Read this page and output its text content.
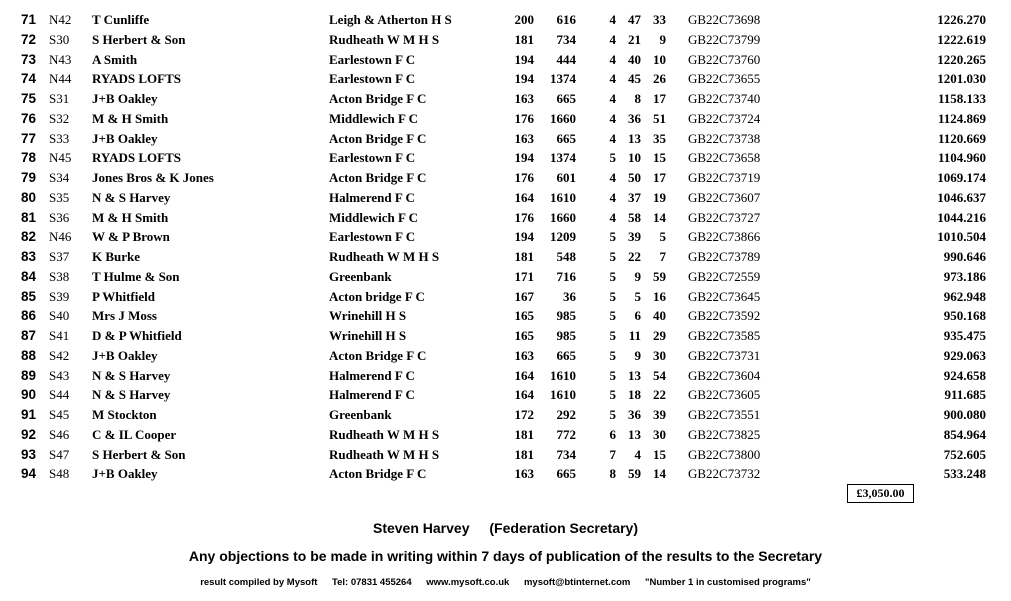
71 N42 T Cunliffe	Leigh & Atherton H S	200	616	4 47 33 GB22C73698	1226.270
72 S30 S Herbert & Son	Rudheath W M H S	181	734	4 21	9 GB22C73799	1222.619
73 N43 A Smith	Earlestown F C	194	444	4 40 10 GB22C73760	1220.265
74 N44 RYADS LOFTS	Earlestown F C	194	1374	4 45 26 GB22C73655	1201.030
75 S31 J+B Oakley	Acton Bridge F C	163	665	4	8 17 GB22C73740	1158.133
76 S32 M & H Smith	Middlewich F C	176	1660	4 36 51 GB22C73724	1124.869
77 S33 J+B Oakley	Acton Bridge F C	163	665	4 13 35 GB22C73738	1120.669
78 N45 RYADS LOFTS	Earlestown F C	194	1374	5 10 15 GB22C73658	1104.960
79 S34 Jones Bros & K Jones	Acton Bridge F C	176	601	4 50 17 GB22C73719	1069.174
80 S35 N & S Harvey	Halmerend F C	164	1610	4 37 19 GB22C73607	1046.637
81 S36 M & H Smith	Middlewich F C	176	1660	4 58 14 GB22C73727	1044.216
82 N46 W & P Brown	Earlestown F C	194	1209	5 39	5 GB22C73866	1010.504
83 S37 K Burke	Rudheath W M H S	181	548	5 22	7 GB22C73789	990.646
84 S38 T Hulme & Son	Greenbank	171	716	5	9 59 GB22C72559	973.186
85 S39 P Whitfield	Acton bridge F C	167	36	5	5 16 GB22C73645	962.948
86 S40 Mrs J Moss	Wrinehill H S	165	985	5	6 40 GB22C73592	950.168
87 S41 D & P Whitfield	Wrinehill H S	165	985	5 11 29 GB22C73585	935.475
88 S42 J+B Oakley	Acton Bridge F C	163	665	5	9 30 GB22C73731	929.063
89 S43 N & S Harvey	Halmerend F C	164	1610	5 13 54 GB22C73604	924.658
90 S44 N & S Harvey	Halmerend F C	164	1610	5 18 22 GB22C73605	911.685
91 S45 M Stockton	Greenbank	172	292	5 36 39 GB22C73551	900.080
92 S46 C & IL Cooper	Rudheath W M H S	181	772	6 13 30 GB22C73825	854.964
93 S47 S Herbert & Son	Rudheath W M H S	181	734	7	4 15 GB22C73800	752.605
94 S48 J+B Oakley	Acton Bridge F C	163	665	8 59 14 GB22C73732	533.248
£3,050.00
Steven Harvey (Federation Secretary)
Any objections to be made in writing within 7 days of publication of the results to the Secretary
result compiled by Mysoft Tel: 07831 455264 www.mysoft.co.uk mysoft@btinternet.com "Number 1 in customised programs"
